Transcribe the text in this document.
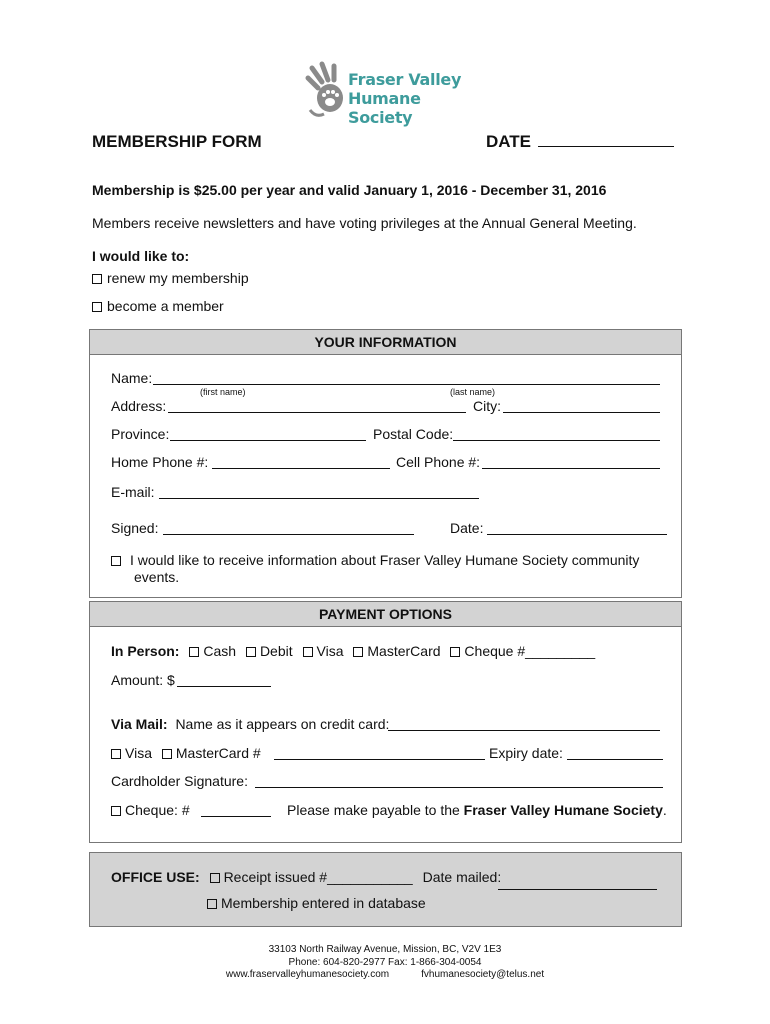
Fraser Valley
Humane Society
MEMBERSHIP FORM	DATE
Membership is $25.00 per year and valid January 1, 2016 - December 31, 2016
Members receive newsletters and have voting privileges at the Annual General Meeting.
I would like to:
renew my membership
become a member
YOUR INFORMATION
Name:
(first name)	(last name)
Address:	City:
Province:	Postal Code:
Home Phone #:	Cell Phone #:
E-mail:
Signed:	Date:
I would like to receive information about Fraser Valley Humane Society community
events.
PAYMENT OPTIONS
In Person: Cash Debit Visa MasterCard Cheque #_________
Amount: $
Via Mail: Name as it appears on credit card:
Visa MasterCard #	Expiry date:
Cardholder Signature:
Cheque: #	Please make payable to the Fraser Valley Humane Society.
OFFICE USE: Receipt issued #___________ Date mailed:
Membership entered in database
33103 North Railway Avenue, Mission, BC, V2V 1E3
Phone: 604-820-2977 Fax: 1-866-304-0054
www.fraservalleyhumanesociety.com	fvhumanesociety@telus.net
